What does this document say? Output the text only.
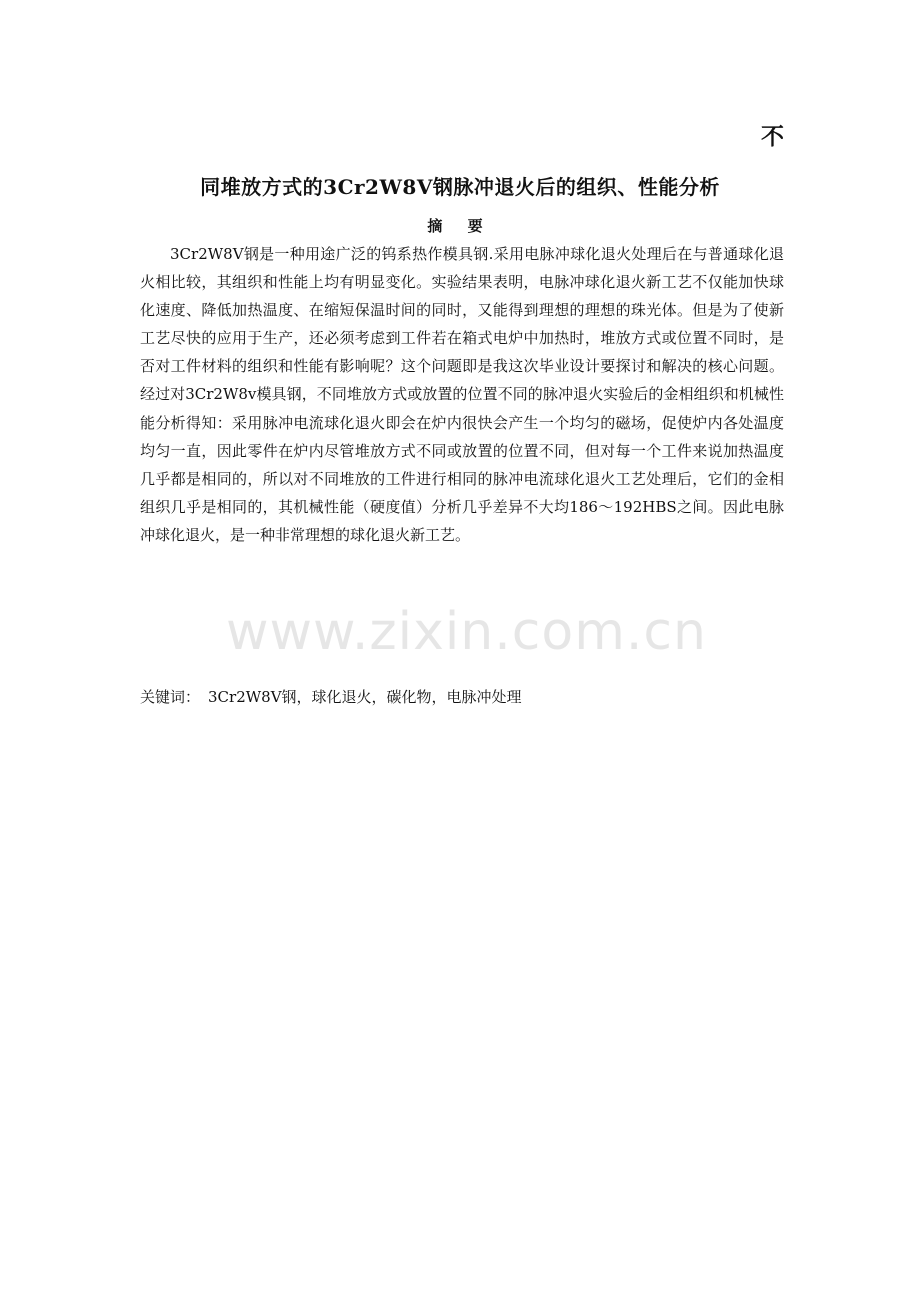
www.zixin.com.cn
不
同堆放方式的3Cr2W8V钢脉冲退火后的组织、性能分析
摘 要

3Cr2W8V钢是一种用途广泛的钨系热作模具钢.采用电脉冲球化退火处理后在与普通球化退火相比较，其组织和性能上均有明显变化。实验结果表明，电脉冲球化退火新工艺不仅能加快球化速度、降低加热温度、在缩短保温时间的同时，又能得到理想的理想的珠光体。但是为了使新工艺尽快的应用于生产，还必须考虑到工件若在箱式电炉中加热时，堆放方式或位置不同时，是否对工件材料的组织和性能有影响呢？这个问题即是我这次毕业设计要探讨和解决的核心问题。经过对3Cr2W8v模具钢，不同堆放方式或放置的位置不同的脉冲退火实验后的金相组织和机械性能分析得知：采用脉冲电流球化退火即会在炉内很快会产生一个均匀的磁场，促使炉内各处温度均匀一直，因此零件在炉内尽管堆放方式不同或放置的位置不同，但对每一个工件来说加热温度几乎都是相同的，所以对不同堆放的工件进行相同的脉冲电流球化退火工艺处理后，它们的金相组织几乎是相同的，其机械性能（硬度值）分析几乎差异不大均186～192HBS之间。因此电脉冲球化退火，是一种非常理想的球化退火新工艺。

关键词： 3Cr2W8V钢，球化退火，碳化物，电脉冲处理
